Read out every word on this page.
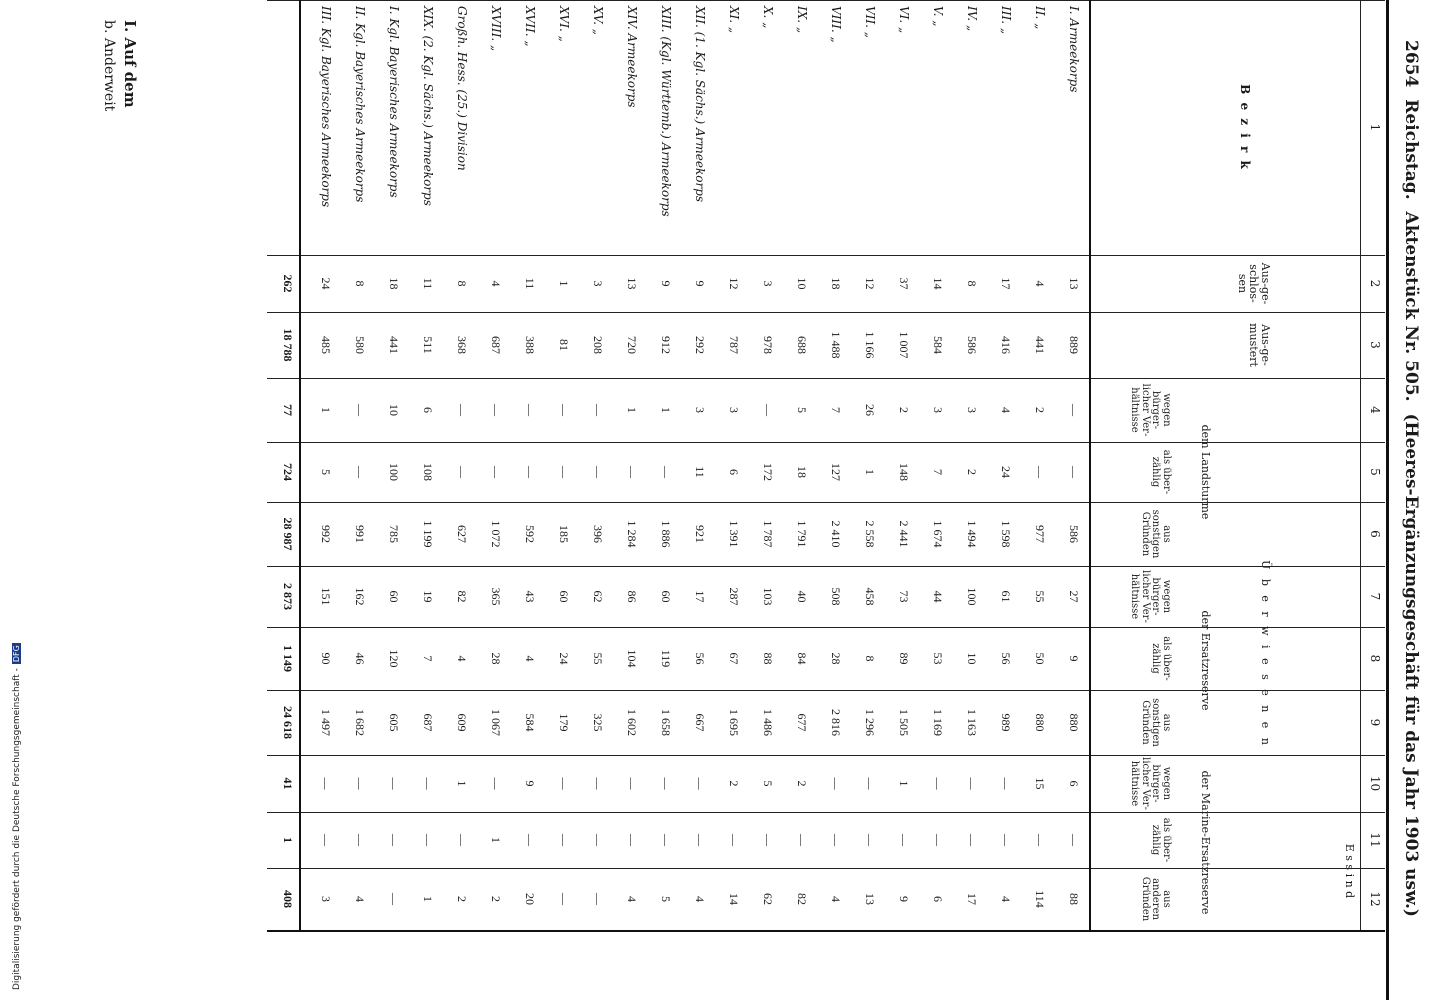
2654 Reichstag. Aktenstück Nr. 505. (Heeres-Ergänzungsgeschäft für das Jahr 1903 usw.)
1
2
3
4
5
6
7
8
9
10
11
12
B e z i r k
Aus-ge-schlos-sen
Aus-ge-mustert
E s s i n d
Ü b e r w i e s e n e n
dem Landsturme
der Ersatzreserve
der Marine-Ersatzreserve
wegen bürger-licher Ver-hältnisse
als über-zählig
aus sonstigen Gründen
wegen bürger-licher Ver-hältnisse
als über-zählig
aus sonstigen Gründen
wegen bürger-licher Ver-hältnisse
als über-zählig
aus anderen Gründen
I. Armeekorps
13
889
—
—
586
27
9
880
6
—
88
II. „
4
441
2
—
977
55
50
880
15
—
114
III. „
17
416
4
24
1 598
61
56
989
—
—
4
IV. „
8
586
3
2
1 494
100
10
1 163
—
—
17
V. „
14
584
3
7
1 674
44
53
1 169
—
—
6
VI. „
37
1 007
2
148
2 441
73
89
1 505
1
—
9
VII. „
12
1 166
26
1
2 558
458
8
1 296
—
—
13
VIII. „
18
1 488
7
127
2 410
508
28
2 816
—
—
4
IX. „
10
688
5
18
1 791
40
84
677
2
—
82
X. „
3
978
—
172
1 787
103
88
1 486
5
—
62
XI. „
12
787
3
6
1 391
287
67
1 695
2
—
14
XII. (1. Kgl. Sächs.) Armeekorps
9
292
3
11
921
17
56
667
—
—
4
XIII. (Kgl. Württemb.) Armeekorps
9
912
1
—
1 886
60
119
1 658
—
—
5
XIV. Armeekorps
13
720
1
—
1 284
86
104
1 602
—
—
4
XV. „
3
208
—
—
396
62
55
325
—
—
—
XVI. „
1
81
—
—
185
60
24
179
—
—
—
XVII. „
11
388
—
—
592
43
4
584
9
—
20
XVIII. „
4
687
—
—
1 072
365
28
1 067
—
1
2
Großh. Hess. (25.) Division
8
368
—
—
627
82
4
609
1
—
2
XIX. (2. Kgl. Sächs.) Armeekorps
11
511
6
108
1 199
19
7
687
—
—
1
I. Kgl. Bayerisches Armeekorps
18
441
10
100
785
60
120
605
—
—
—
II. Kgl. Bayerisches Armeekorps
8
580
—
—
991
162
46
1 682
—
—
4
III. Kgl. Bayerisches Armeekorps
24
485
1
5
992
151
90
1 497
—
—
3
262
18 788
77
724
28 987
2 873
1 149
24 618
41
1
408
I. Auf dem
b. Anderweit
Digitalisierung gefördert durch die Deutsche Forschungsgemeinschaft -DFG
